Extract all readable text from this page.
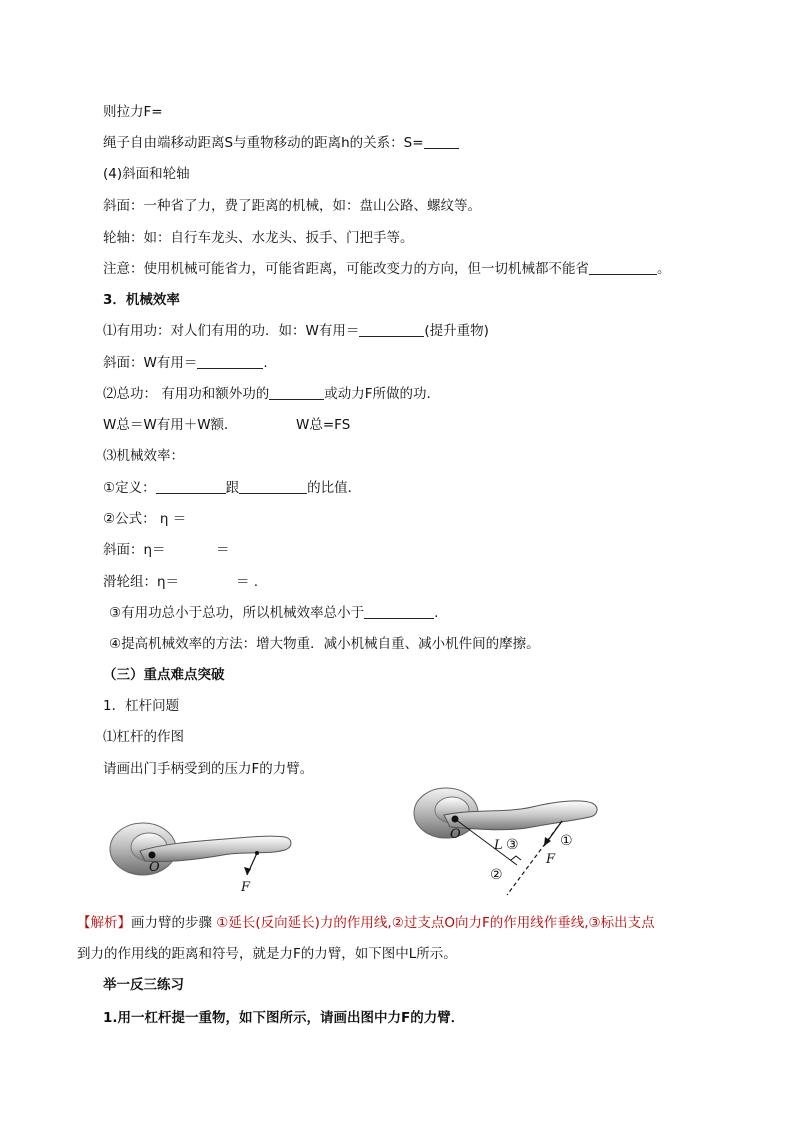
则拉力F=
绳子自由端移动距离S与重物移动的距离h的关系：S=
(4)斜面和轮轴
斜面：一种省了力，费了距离的机械，如：盘山公路、螺纹等。
轮轴：如：自行车龙头、水龙头、扳手、门把手等。
注意：使用机械可能省力，可能省距离，可能改变力的方向，但一切机械都不能省	。
3．机械效率
⑴有用功：对人们有用的功．如：W有用＝	(提升重物)
斜面：W有用＝	.
⑵总功： 有用功和额外功的	或动力F所做的功．
W总＝W有用＋W额．	W总=FS
⑶机械效率：
①定义：	跟	的比值．
②公式： η ＝
斜面：η＝	＝
滑轮组：η＝	＝ .
③有用功总小于总功，所以机械效率总小于	.
④提高机械效率的方法：增大物重．减小机械自重、减小机件间的摩擦。
（三）重点难点突破
1．杠杆问题
⑴杠杆的作图
请画出门手柄受到的压力F的力臂。
O
F
O
L ③	①
②
F
【解析】画力臂的步骤 ①延长(反向延长)力的作用线,②过支点O向力F的作用线作垂线,③标出支点
到力的作用线的距离和符号，就是力F的力臂，如下图中L所示。
举一反三练习
1.用一杠杆提一重物，如下图所示，请画出图中力F的力臂．
